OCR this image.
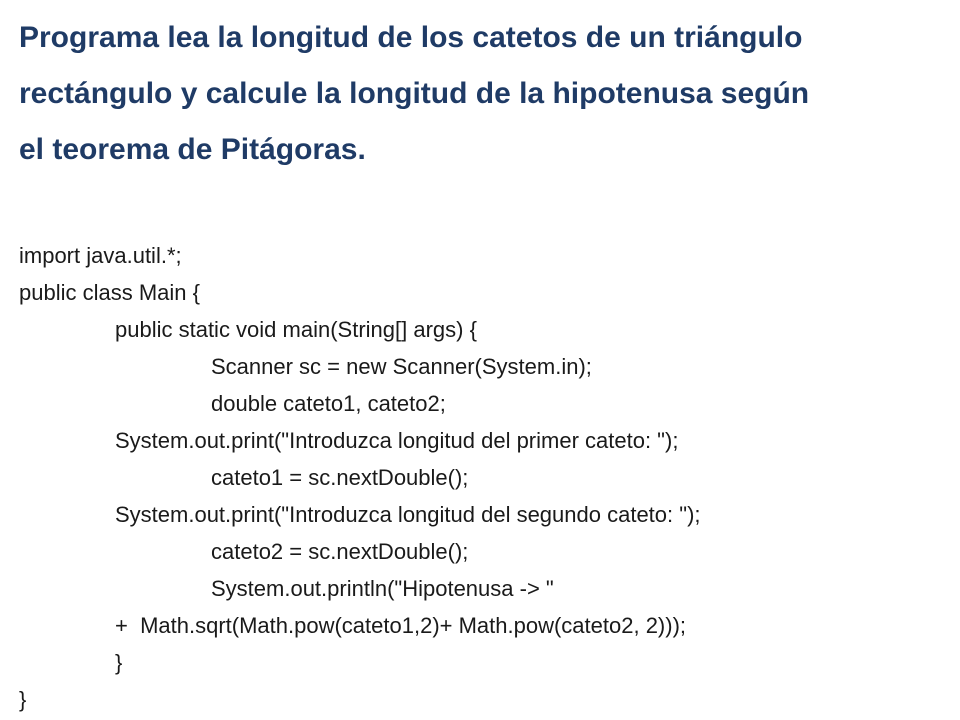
Programa lea la longitud de los catetos de un triángulo
rectángulo y calcule la longitud de la hipotenusa según
el teorema de Pitágoras.
import java.util.*;
public class Main {
public static void main(String[] args) {
Scanner sc = new Scanner(System.in);
double cateto1, cateto2;
System.out.print("Introduzca longitud del primer cateto: ");
cateto1 = sc.nextDouble();
System.out.print("Introduzca longitud del segundo cateto: ");
cateto2 = sc.nextDouble();
System.out.println("Hipotenusa -> "
+  Math.sqrt(Math.pow(cateto1,2)+ Math.pow(cateto2, 2)));
}
}
